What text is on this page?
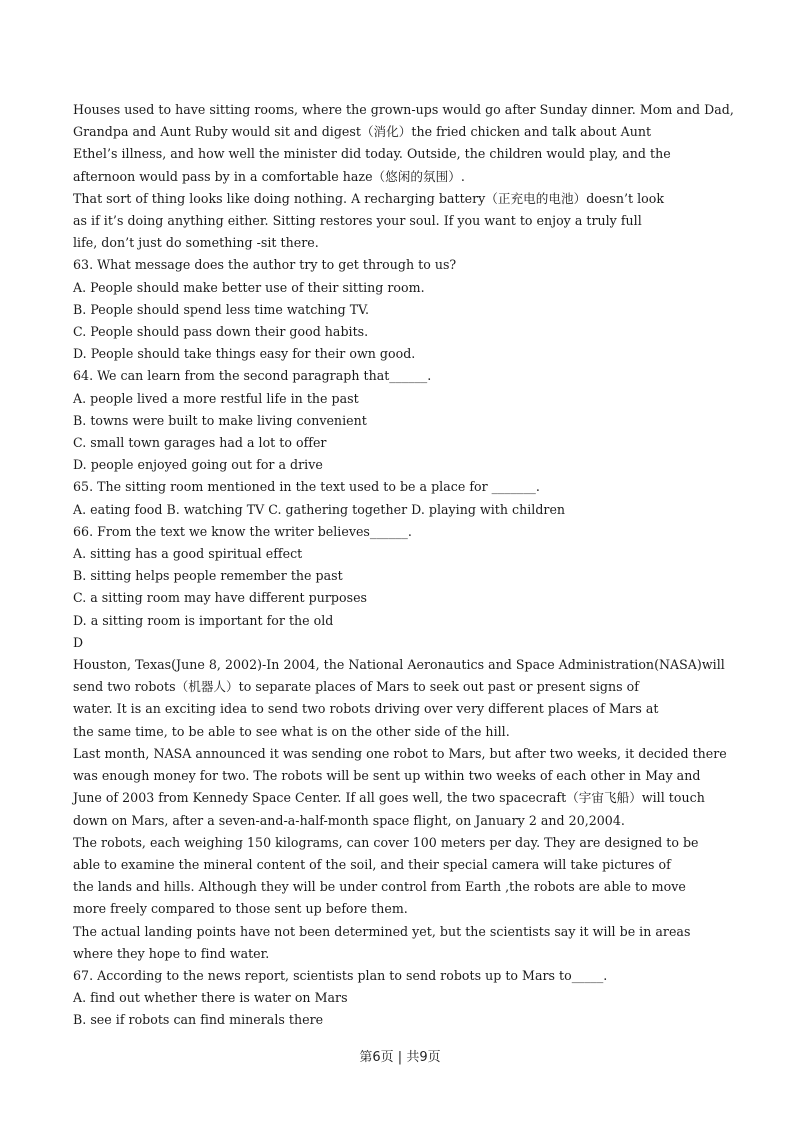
Houses used to have sitting rooms, where the grown-ups would go after Sunday dinner. Mom and Dad,

Grandpa and Aunt Ruby would sit and digest（消化）the fried chicken and talk about Aunt

Ethel’s illness, and how well the minister did today. Outside, the children would play, and the

afternoon would pass by in a comfortable haze（悠闲的氛围）.

That sort of thing looks like doing nothing. A recharging battery（正充电的电池）doesn’t look

as if it’s doing anything either. Sitting restores your soul. If you want to enjoy a truly full

life, don’t just do something -sit there.

63. What message does the author try to get through to us?

A. People should make better use of their sitting room.

B. People should spend less time watching TV.

C. People should pass down their good habits.

D. People should take things easy for their own good.

64. We can learn from the second paragraph that______.

A. people lived a more restful life in the past

B. towns were built to make living convenient

C. small town garages had a lot to offer

D. people enjoyed going out for a drive

65. The sitting room mentioned in the text used to be a place for _______.

A. eating food B. watching TV C. gathering together D. playing with children

66. From the text we know the writer believes______.

A. sitting has a good spiritual effect

B. sitting helps people remember the past

C. a sitting room may have different purposes

D. a sitting room is important for the old

D

Houston, Texas(June 8, 2002)-In 2004, the National Aeronautics and Space Administration(NASA)will

send two robots（机器人）to separate places of Mars to seek out past or present signs of

water. It is an exciting idea to send two robots driving over very different places of Mars at

the same time, to be able to see what is on the other side of the hill.

Last month, NASA announced it was sending one robot to Mars, but after two weeks, it decided there

was enough money for two. The robots will be sent up within two weeks of each other in May and

June of 2003 from Kennedy Space Center. If all goes well, the two spacecraft（宇宙飞船）will touch

down on Mars, after a seven-and-a-half-month space flight, on January 2 and 20,2004.

The robots, each weighing 150 kilograms, can cover 100 meters per day. They are designed to be

able to examine the mineral content of the soil, and their special camera will take pictures of

the lands and hills. Although they will be under control from Earth ,the robots are able to move

more freely compared to those sent up before them.

The actual landing points have not been determined yet, but the scientists say it will be in areas

where they hope to find water.

67. According to the news report, scientists plan to send robots up to Mars to_____.

A. find out whether there is water on Mars

B. see if robots can find minerals there

第6页 | 共9页
